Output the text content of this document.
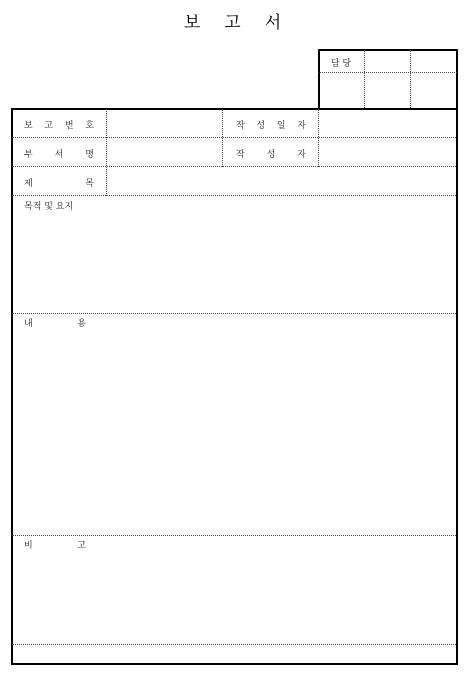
보 고 서
담 당
보 고 번 호	작 성 일 자
부 서 명	작 성 자
제	목
목적 및 요지
내	용
비	고
